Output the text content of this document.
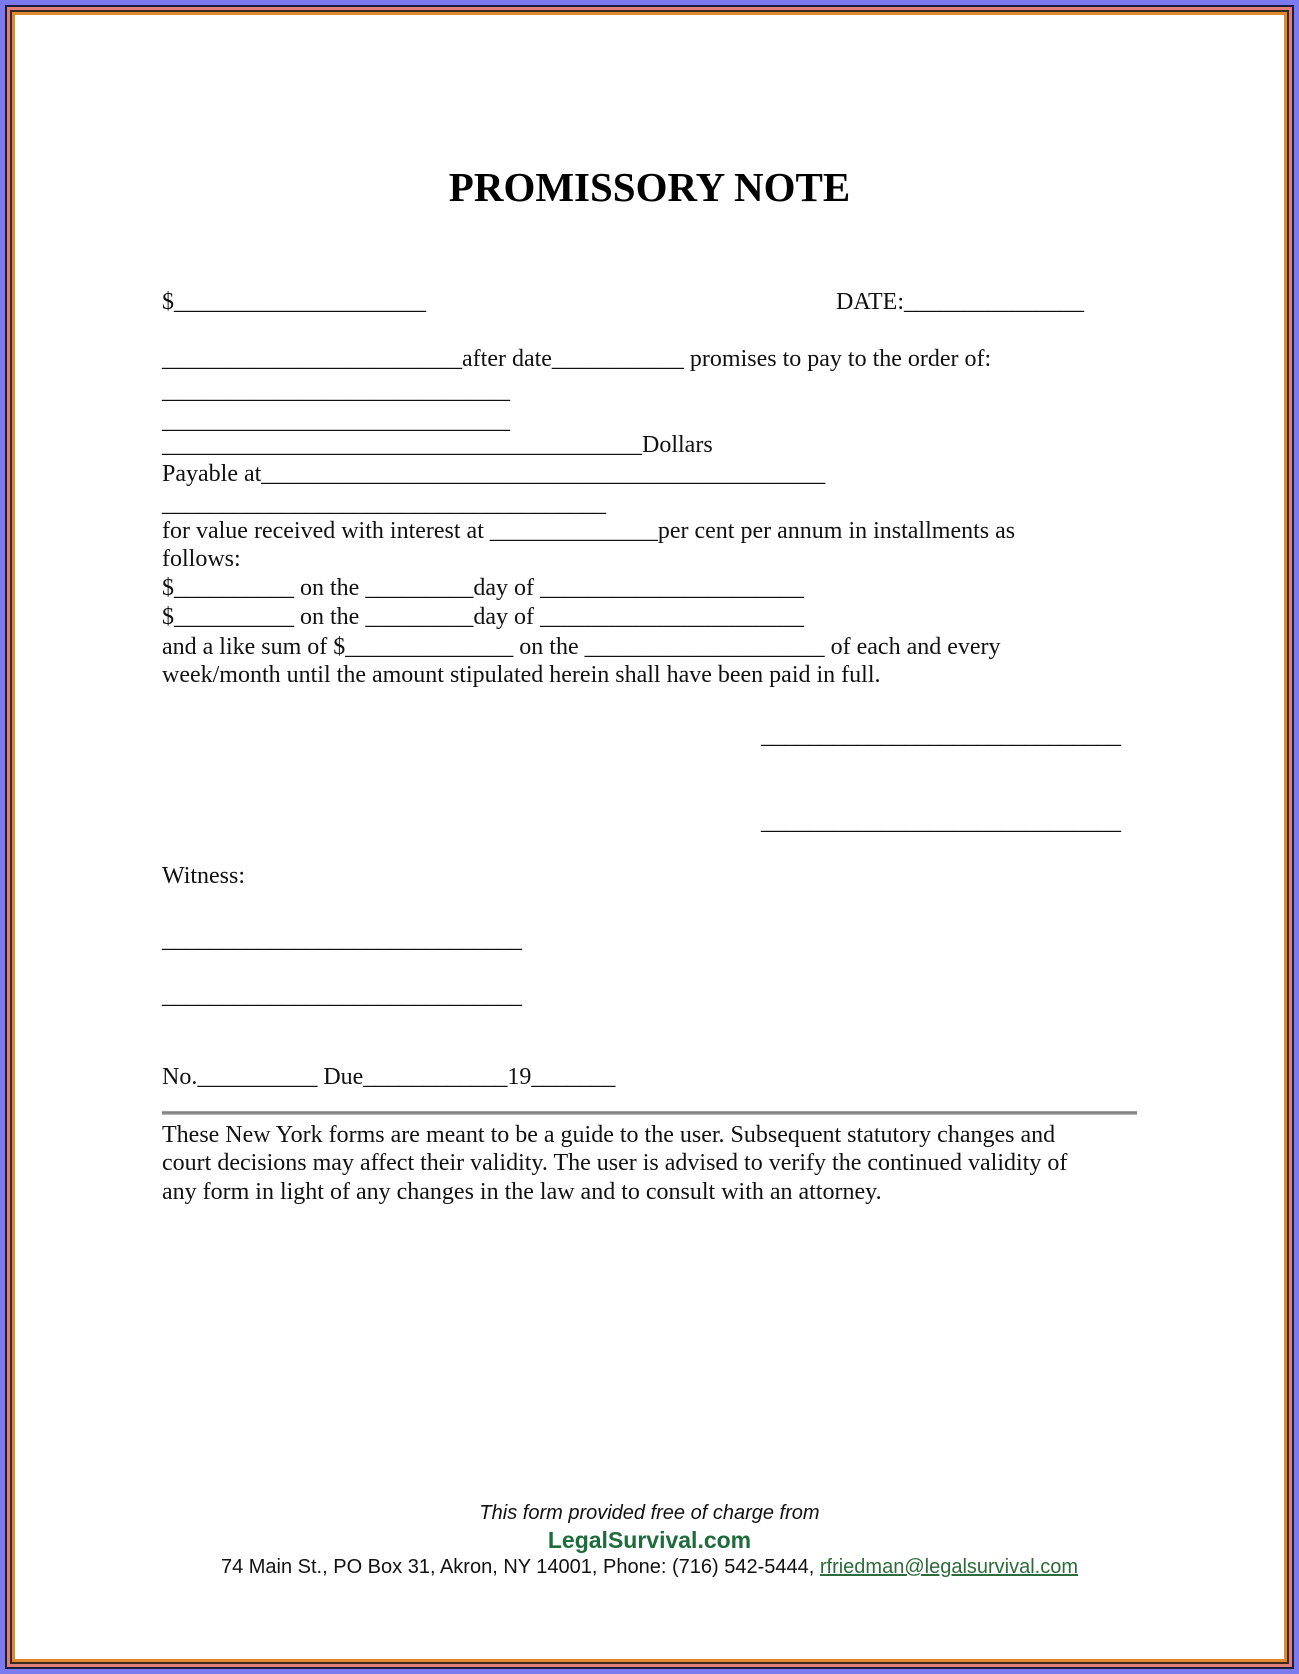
PROMISSORY NOTE
$_____________________	DATE:_______________
_________________________after date___________ promises to pay to the order of:
_____________________________
_____________________________
________________________________________Dollars
Payable at_______________________________________________
_____________________________________
for value received with interest at ______________per cent per annum in installments as
follows:
$__________ on the _________day of ______________________
$__________ on the _________day of ______________________
and a like sum of $______________ on the ____________________ of each and every
week/month until the amount stipulated herein shall have been paid in full.
______________________________
______________________________
Witness:
______________________________
______________________________
No.__________ Due____________19_______
These New York forms are meant to be a guide to the user. Subsequent statutory changes and
court decisions may affect their validity. The user is advised to verify the continued validity of
any form in light of any changes in the law and to consult with an attorney.
This form provided free of charge from
LegalSurvival.com
74 Main St., PO Box 31, Akron, NY 14001, Phone: (716) 542-5444, rfriedman@legalsurvival.com
